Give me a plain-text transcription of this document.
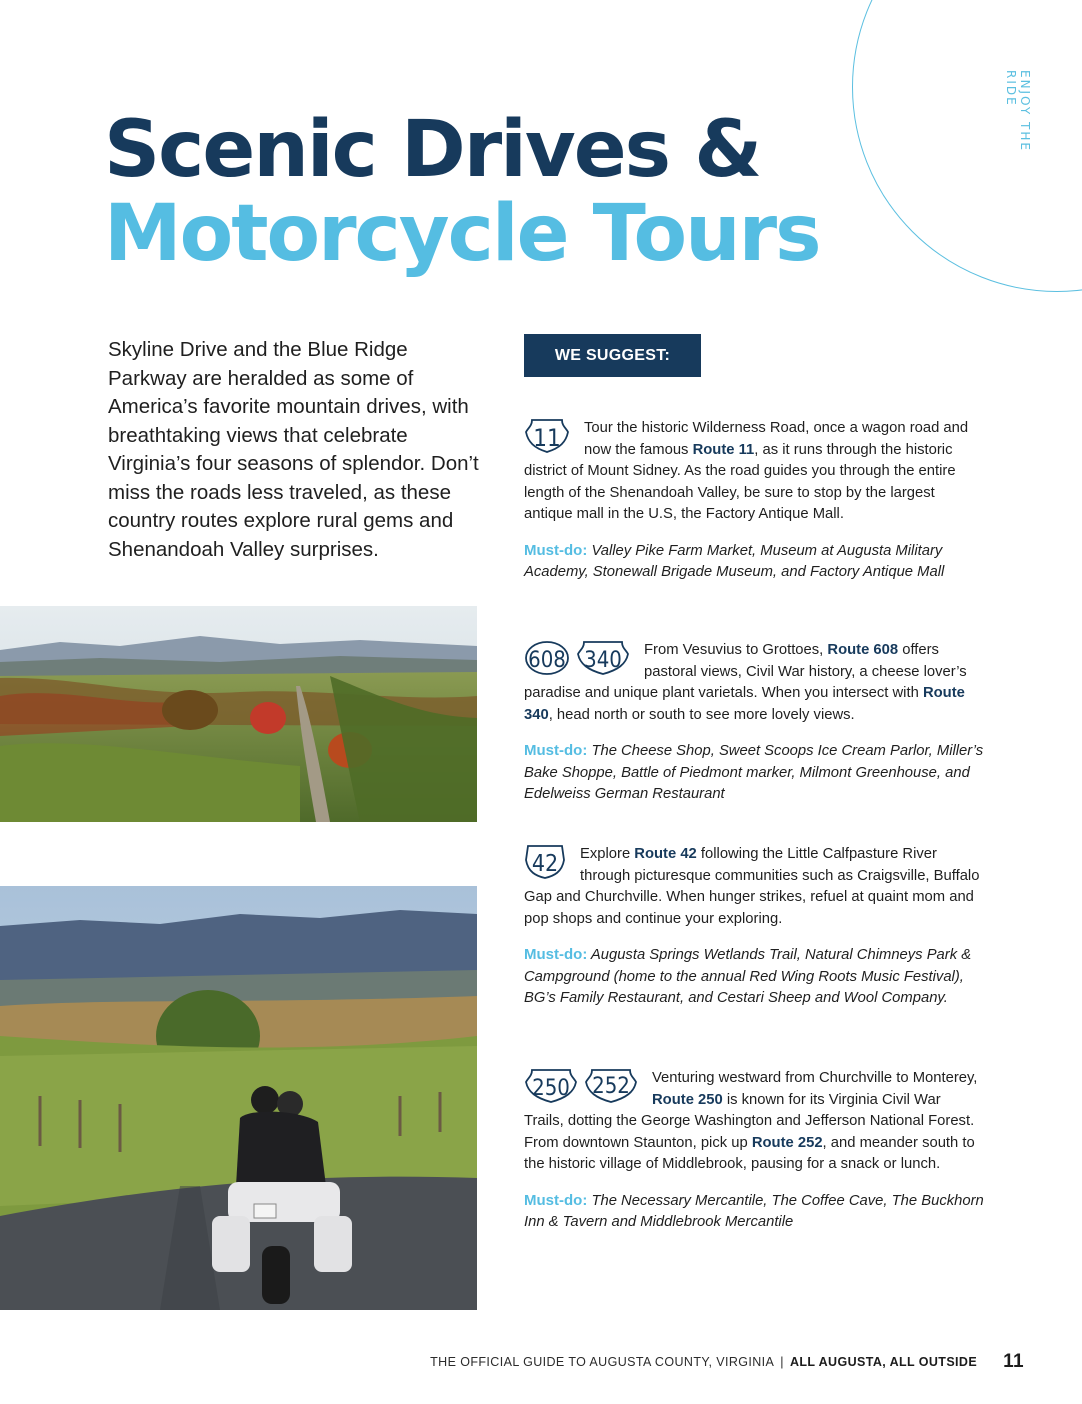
ENJOY THE RIDE
Scenic Drives &
Motorcycle Tours

Skyline Drive and the Blue Ridge Parkway are heralded as some of America’s favorite mountain drives, with breathtaking views that celebrate Virginia’s four seasons of splendor. Don’t miss the roads less traveled, as these country routes explore rural gems and Shenandoah Valley surprises.

WE SUGGEST:
11 Tour the historic Wilderness Road, once a wagon road and now the famous Route 11, as it runs through the historic district of Mount Sidney. As the road guides you through the entire length of the Shenandoah Valley, be sure to stop by the largest antique mall in the U.S, the Factory Antique Mall.
Must-do: Valley Pike Farm Market, Museum at Augusta Military Academy, Stonewall Brigade Museum, and Factory Antique Mall
608 340 From Vesuvius to Grottoes, Route 608 offers pastoral views, Civil War history, a cheese lover’s paradise and unique plant varietals. When you intersect with Route 340, head north or south to see more lovely views.
Must-do: The Cheese Shop, Sweet Scoops Ice Cream Parlor, Miller’s Bake Shoppe, Battle of Piedmont marker, Milmont Greenhouse, and Edelweiss German Restaurant
42 Explore Route 42 following the Little Calfpasture River through picturesque communities such as Craigsville, Buffalo Gap and Churchville. When hunger strikes, refuel at quaint mom and pop shops and continue your exploring.
Must-do: Augusta Springs Wetlands Trail, Natural Chimneys Park & Campground (home to the annual Red Wing Roots Music Festival), BG’s Family Restaurant, and Cestari Sheep and Wool Company.
250 252 Venturing westward from Churchville to Monterey, Route 250 is known for its Virginia Civil War Trails, dotting the George Washington and Jefferson National Forest. From downtown Staunton, pick up Route 252, and meander south to the historic village of Middlebrook, pausing for a snack or lunch.
Must-do: The Necessary Mercantile, The Coffee Cave, The Buckhorn Inn & Tavern and Middlebrook Mercantile
THE OFFICIAL GUIDE TO AUGUSTA COUNTY, VIRGINIA | ALL AUGUSTA, ALL OUTSIDE 11
